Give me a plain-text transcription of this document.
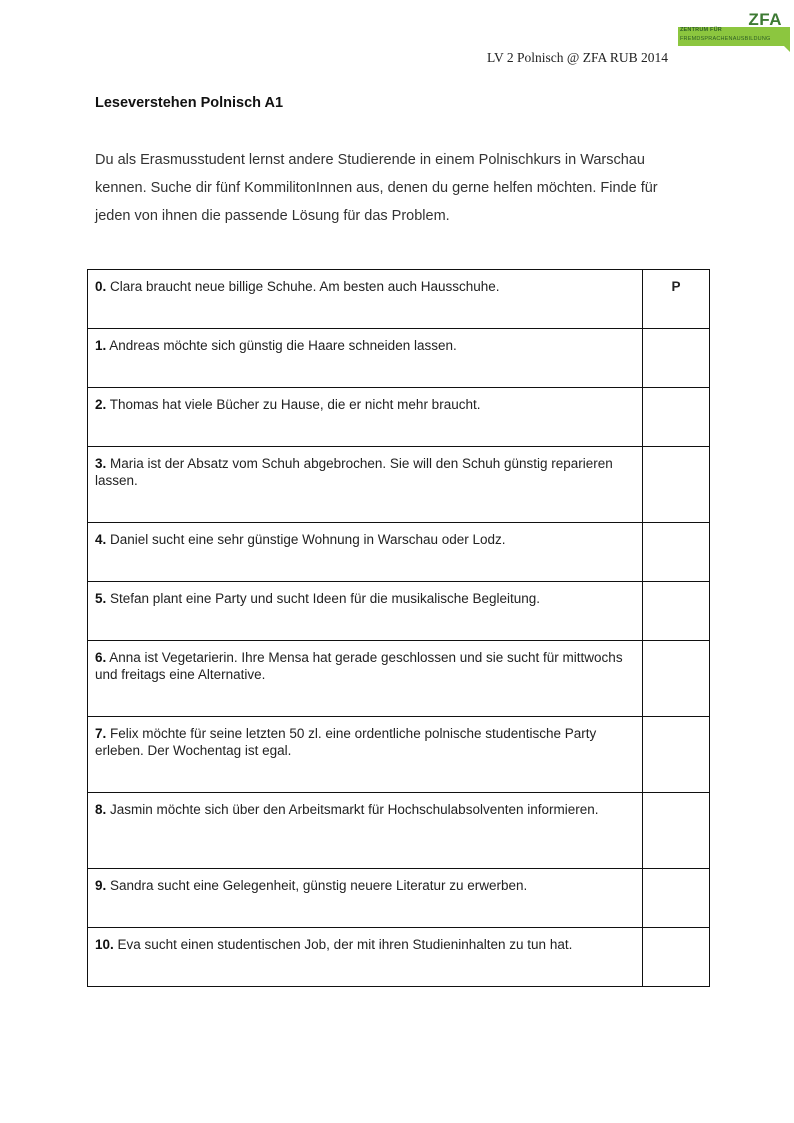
ZFA
ZENTRUM FÜR
FREMDSPRACHENAUSBILDUNG
LV 2 Polnisch @ ZFA RUB 2014
Leseverstehen Polnisch A1
Du als Erasmusstudent lernst andere Studierende in einem Polnischkurs in Warschau kennen. Suche dir fünf KommilitonInnen aus, denen du gerne helfen möchten. Finde für jeden von ihnen die passende Lösung für das Problem.
0. Clara braucht neue billige Schuhe. Am besten auch Hausschuhe.	P
1. Andreas möchte sich günstig die Haare schneiden lassen.	
2. Thomas hat viele Bücher zu Hause, die er nicht mehr braucht.	
3. Maria ist der Absatz vom Schuh abgebrochen. Sie will den Schuh günstig reparieren lassen.	
4. Daniel sucht eine sehr günstige Wohnung in Warschau oder Lodz.	
5. Stefan plant eine Party und sucht Ideen für die musikalische Begleitung.	
6. Anna ist Vegetarierin. Ihre Mensa hat gerade geschlossen und sie sucht für mittwochs und freitags eine Alternative.	
7. Felix möchte für seine letzten 50 zl. eine ordentliche polnische studentische Party erleben. Der Wochentag ist egal.	
8. Jasmin möchte sich über den Arbeitsmarkt für Hochschulabsolventen informieren.	
9. Sandra sucht eine Gelegenheit, günstig neuere Literatur zu erwerben.	
10. Eva sucht einen studentischen Job, der mit ihren Studieninhalten zu tun hat.	
